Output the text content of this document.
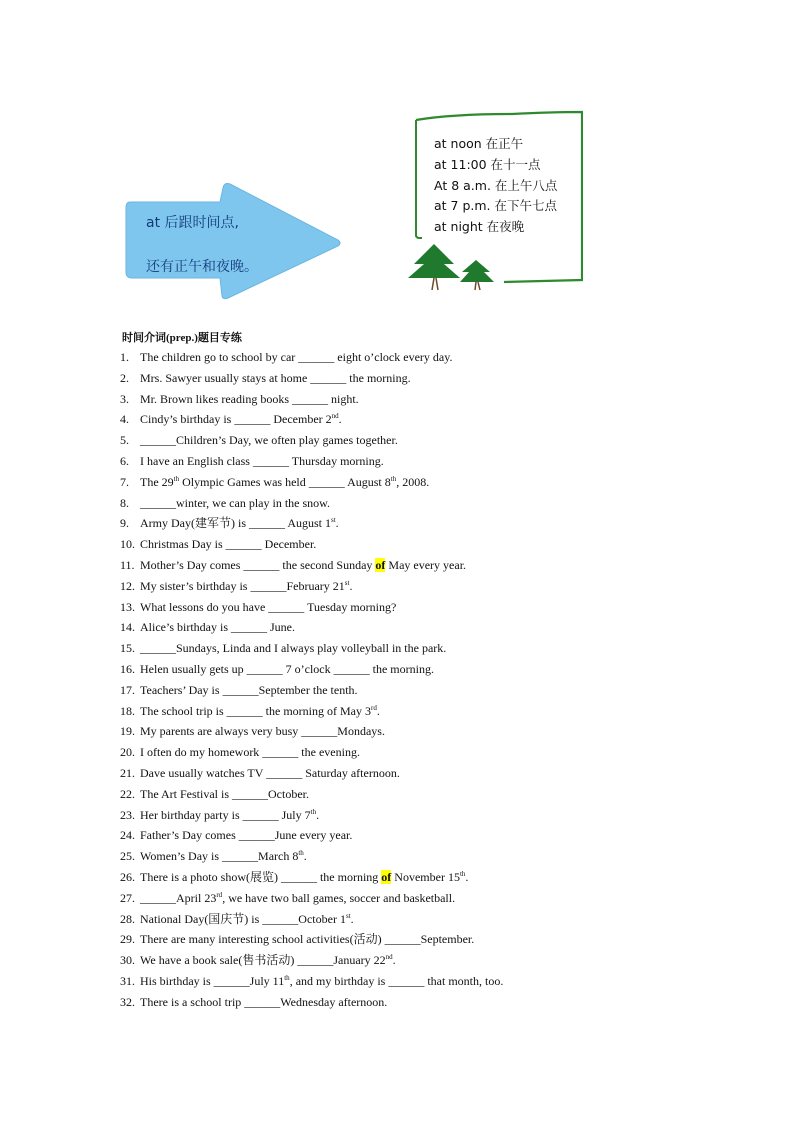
at 后跟时间点,
还有正午和夜晚。
时间介词(prep.)题目专练
1. The children go to school by car ______ eight o’clock every day.
2. Mrs. Sawyer usually stays at home ______ the morning.
3. Mr. Brown likes reading books ______ night.
4. Cindy’s birthday is ______ December 2nd.
5. ______Children’s Day, we often play games together.
6. I have an English class ______ Thursday morning.
7. The 29th Olympic Games was held ______ August 8th, 2008.
8. ______winter, we can play in the snow.
9. Army Day(建军节) is ______ August 1st.
10. Christmas Day is ______ December.
11. Mother’s Day comes ______ the second Sunday of May every year.
12. My sister’s birthday is ______February 21st.
13. What lessons do you have ______ Tuesday morning?
14. Alice’s birthday is ______ June.
15. ______Sundays, Linda and I always play volleyball in the park.
16. Helen usually gets up ______ 7 o’clock ______ the morning.
17. Teachers’ Day is ______September the tenth.
18. The school trip is ______ the morning of May 3rd.
19. My parents are always very busy ______Mondays.
20. I often do my homework ______ the evening.
21. Dave usually watches TV ______ Saturday afternoon.
22. The Art Festival is ______October.
23. Her birthday party is ______ July 7th.
24. Father’s Day comes ______June every year.
25. Women’s Day is ______March 8th.
26. There is a photo show(展览) ______ the morning of November 15th.
27. ______April 23rd, we have two ball games, soccer and basketball.
28. National Day(国庆节) is ______October 1st.
29. There are many interesting school activities(活动) ______September.
30. We have a book sale(售书活动) ______January 22nd.
31. His birthday is ______July 11th, and my birthday is ______ that month, too.
32. There is a school trip ______Wednesday afternoon.
at noon 在正午
at 11:00 在十一点
At 8 a.m. 在上午八点
at 7 p.m. 在下午七点
at night 在夜晚
